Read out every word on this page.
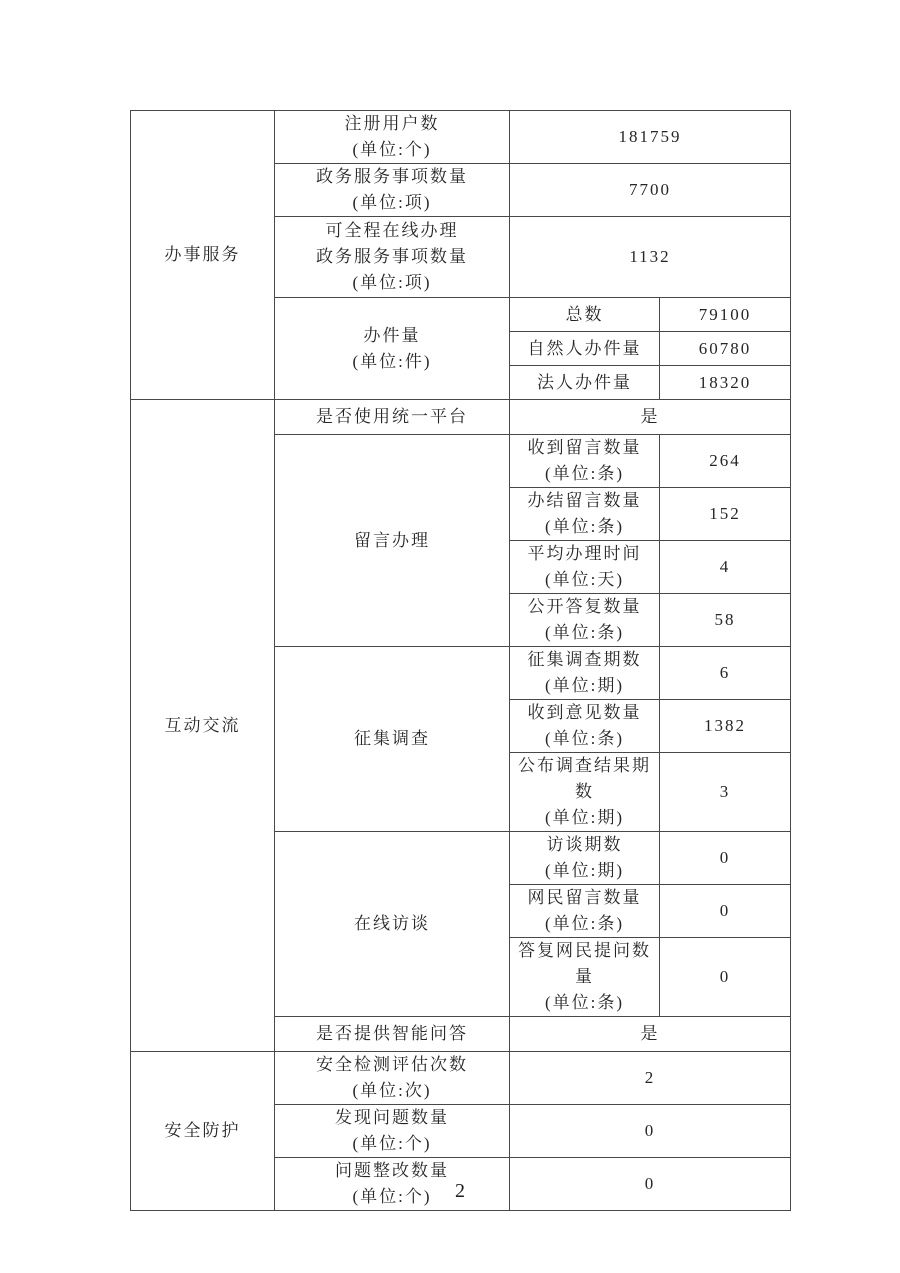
办事服务	注册用户数
(单位:个)	181759	

	政务服务事项数量
(单位:项)	7700	

	可全程在线办理
政务服务事项数量
(单位:项)	1132	

	办件量
(单位:件)	总数	79100

		自然人办件量	60780

		法人办件量	18320

互动交流	是否使用统一平台	是	

	留言办理	收到留言数量
(单位:条)	264

		办结留言数量
(单位:条)	152

		平均办理时间
(单位:天)	4

		公开答复数量
(单位:条)	58

	征集调查	征集调查期数
(单位:期)	6

		收到意见数量
(单位:条)	1382

		公布调查结果期数
(单位:期)	3

	在线访谈	访谈期数
(单位:期)	0

		网民留言数量
(单位:条)	0

		答复网民提问数量
(单位:条)	0

	是否提供智能问答	是	

安全防护	安全检测评估次数
(单位:次)	2	

	发现问题数量
(单位:个)	0	

	问题整改数量
(单位:个)	0	
2
